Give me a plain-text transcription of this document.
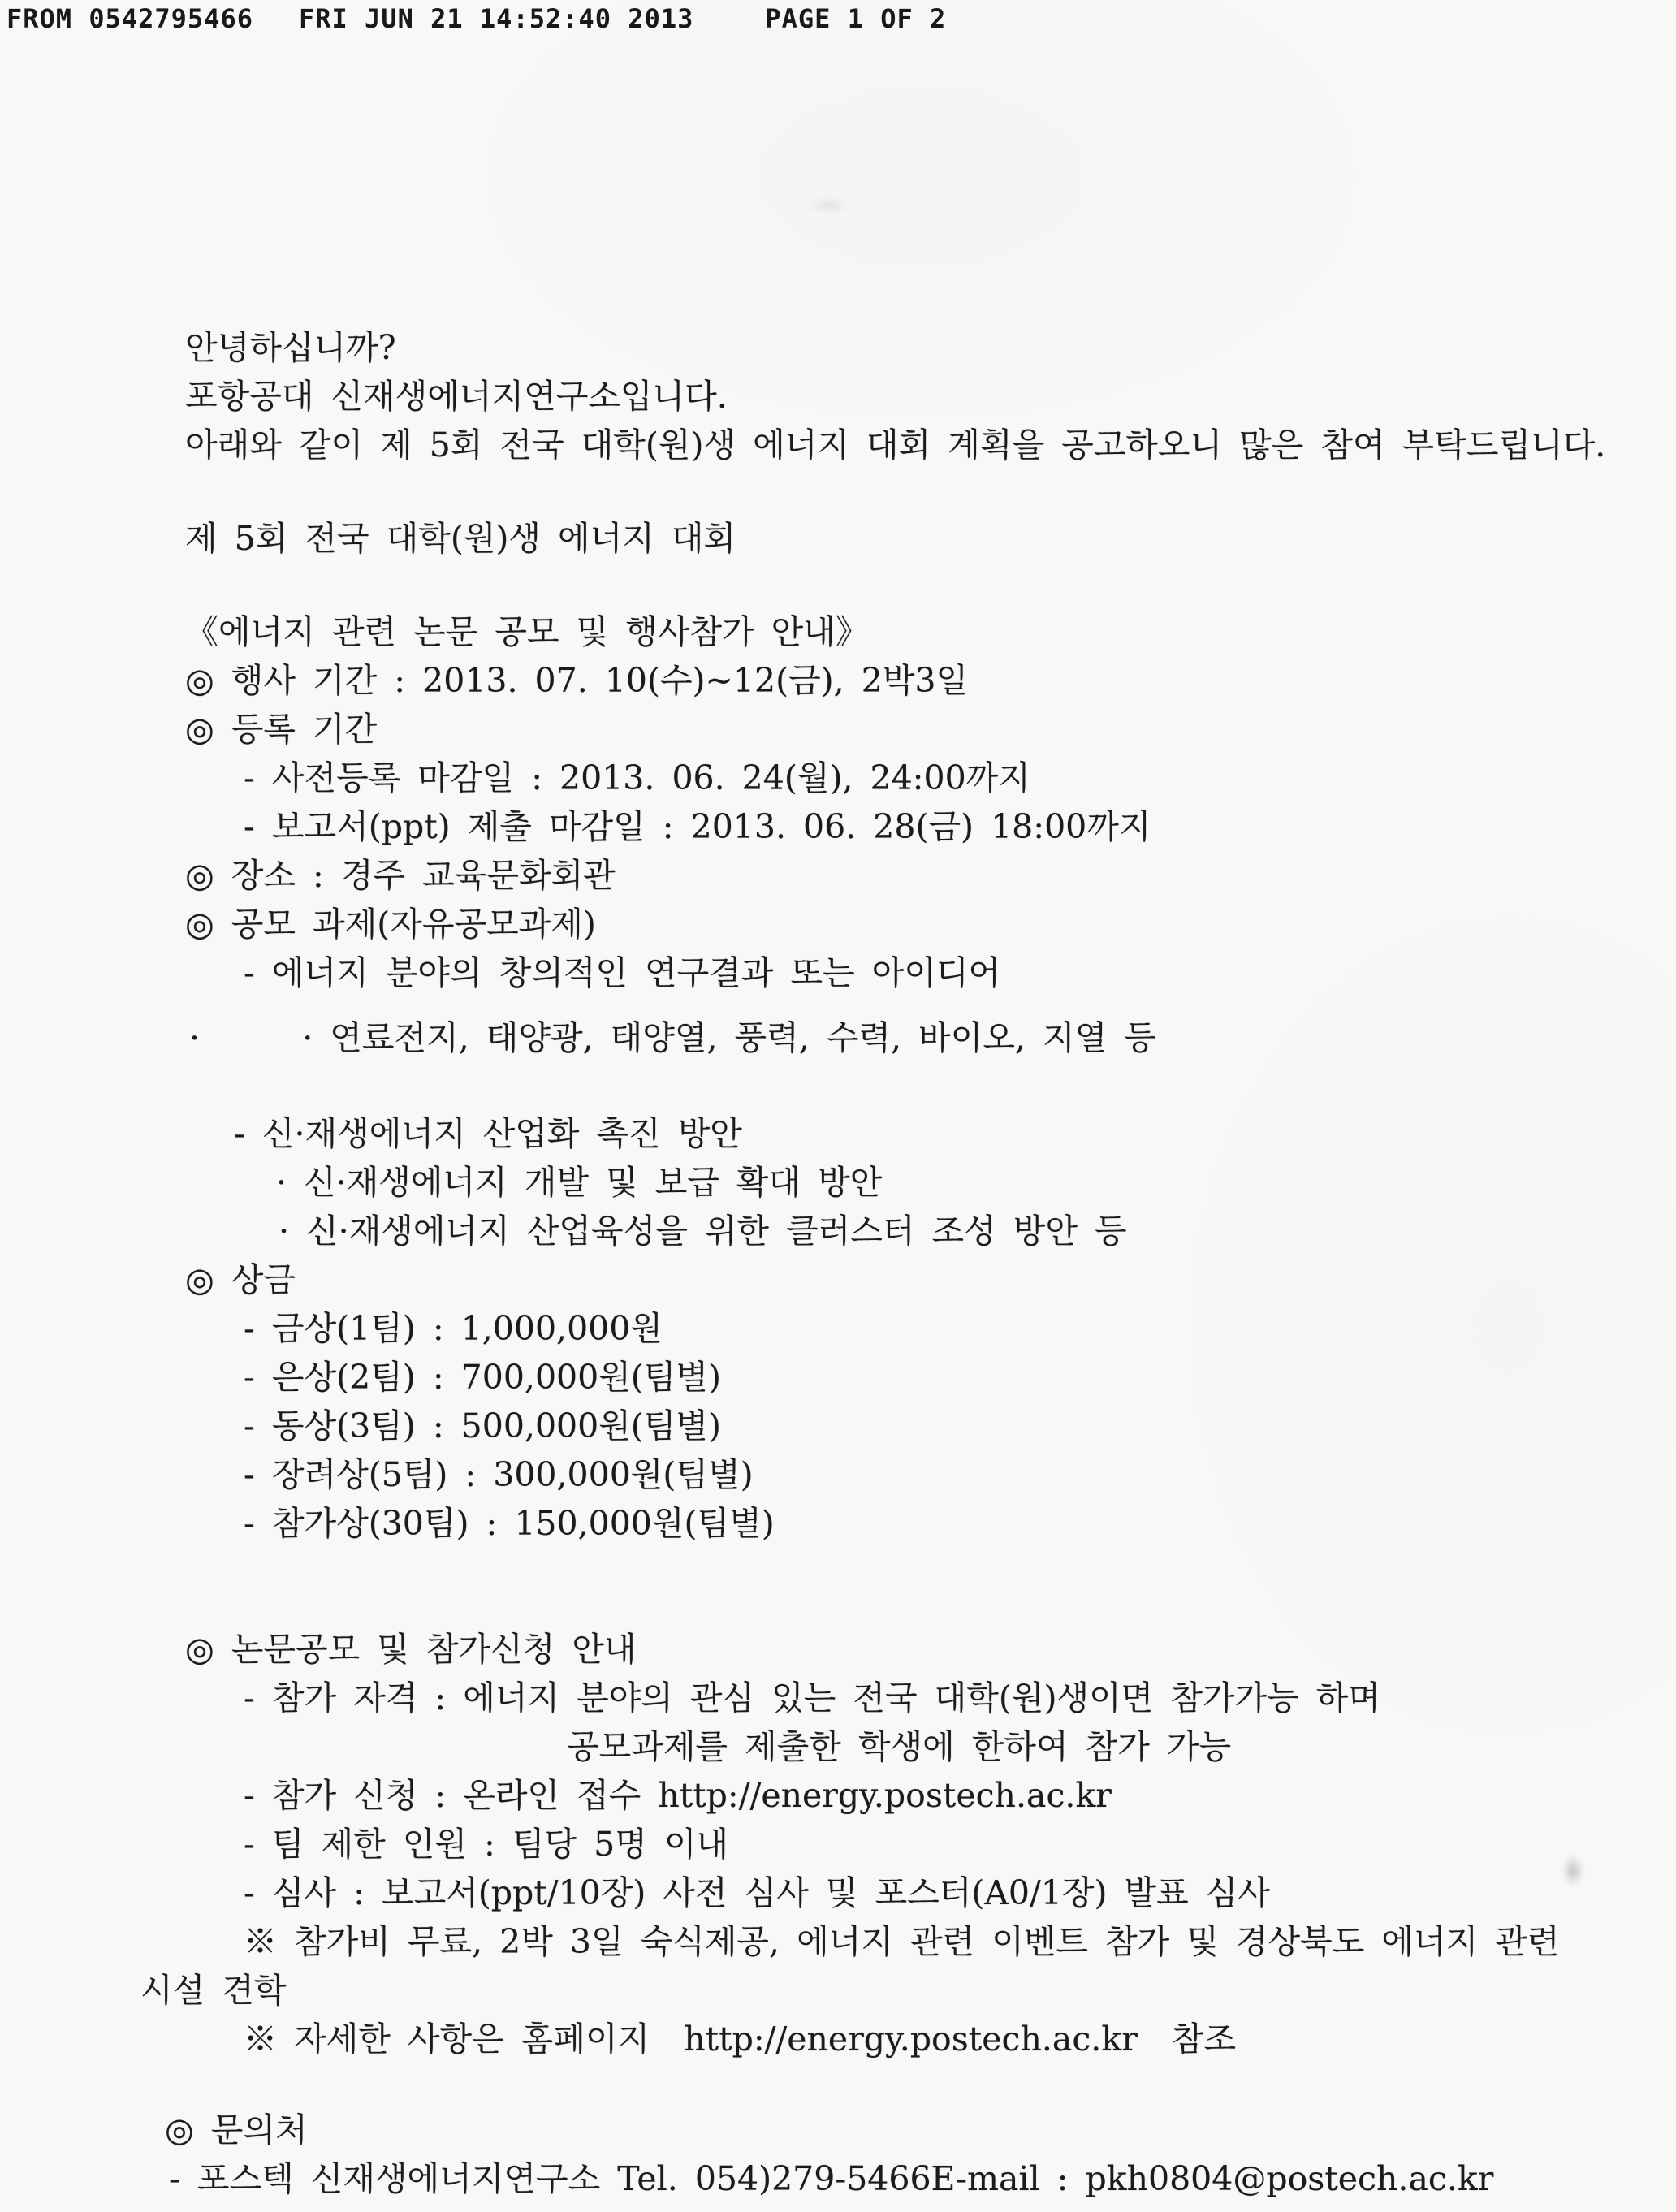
FROM 0542795466 FRI JUN 21 14:52:40 2013	PAGE 1 OF 2
안녕하십니까?
포항공대 신재생에너지연구소입니다.
아래와 같이 제 5회 전국 대학(원)생 에너지 대회 계획을 공고하오니 많은 참여 부탁드립니다.
제 5회 전국 대학(원)생 에너지 대회
《에너지 관련 논문 공모 및 행사참가 안내》
◎ 행사 기간 : 2013. 07. 10(수)~12(금), 2박3일
◎ 등록 기간
- 사전등록 마감일 : 2013. 06. 24(월), 24:00까지
- 보고서(ppt) 제출 마감일 : 2013. 06. 28(금) 18:00까지
◎ 장소 : 경주 교육문화회관
◎ 공모 과제(자유공모과제)
- 에너지 분야의 창의적인 연구결과 또는 아이디어
·      · 연료전지, 태양광, 태양열, 풍력, 수력, 바이오, 지열 등
- 신·재생에너지 산업화 촉진 방안
· 신·재생에너지 개발 및 보급 확대 방안
· 신·재생에너지 산업육성을 위한 클러스터 조성 방안 등
◎ 상금
- 금상(1팀) : 1,000,000원
- 은상(2팀) : 700,000원(팀별)
- 동상(3팀) : 500,000원(팀별)
- 장려상(5팀) : 300,000원(팀별)
- 참가상(30팀) : 150,000원(팀별)
◎ 논문공모 및 참가신청 안내
- 참가 자격 : 에너지 분야의 관심 있는 전국 대학(원)생이면 참가가능 하며
공모과제를 제출한 학생에 한하여 참가 가능
- 참가 신청 : 온라인 접수 http://energy.postech.ac.kr
- 팀 제한 인원 : 팀당 5명 이내
- 심사 : 보고서(ppt/10장) 사전 심사 및 포스터(A0/1장) 발표 심사
※ 참가비 무료, 2박 3일 숙식제공, 에너지 관련 이벤트 참가 및 경상북도 에너지 관련
시설 견학
※ 자세한 사항은 홈페이지  http://energy.postech.ac.kr  참조
◎ 문의처
- 포스텍 신재생에너지연구소 Tel. 054)279-5466E-mail : pkh0804@postech.ac.kr
